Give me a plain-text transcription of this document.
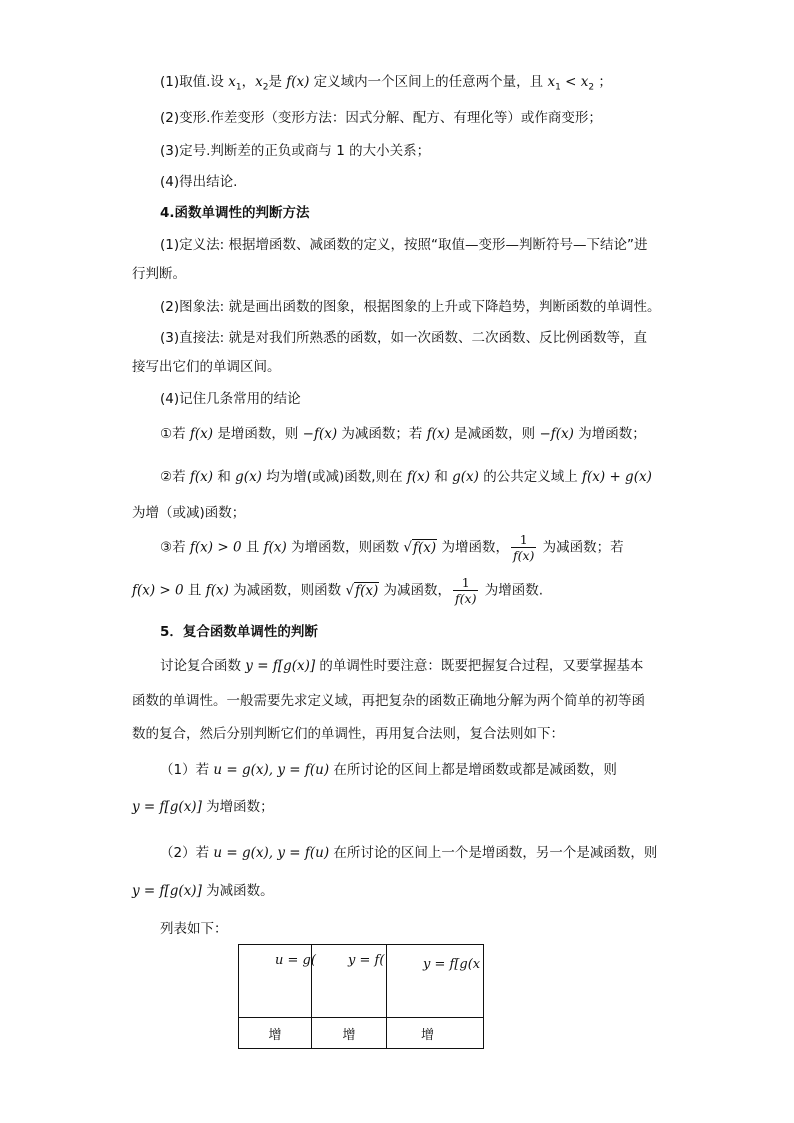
(1)取值.设 $x_1$，$x_2$是 f(x) 定义域内一个区间上的任意两个量，且 $x_1 < x_2$ ；
(2)变形.作差变形（变形方法：因式分解、配方、有理化等）或作商变形；
(3)定号.判断差的正负或商与 1 的大小关系；
(4)得出结论.
4.函数单调性的判断方法
(1)定义法: 根据增函数、减函数的定义，按照“取值—变形—判断符号—下结论”进
行判断。
(2)图象法: 就是画出函数的图象，根据图象的上升或下降趋势，判断函数的单调性。
(3)直接法: 就是对我们所熟悉的函数，如一次函数、二次函数、反比例函数等，直
接写出它们的单调区间。
(4)记住几条常用的结论
①若 f(x) 是增函数，则 −f(x) 为减函数；若 f(x) 是减函数，则 −f(x) 为增函数；
②若 f(x) 和 g(x) 均为增(或减)函数,则在 f(x) 和 g(x) 的公共定义域上 f(x) + g(x)
为增（或减)函数；
③若 f(x) > 0 且 f(x) 为增函数，则函数 √f(x) 为增函数， $\frac{1}{f(x)}$ 为减函数；若
f(x) > 0 且 f(x) 为减函数，则函数 √f(x) 为减函数， $\frac{1}{f(x)}$ 为增函数.
5．复合函数单调性的判断
讨论复合函数 y = f[g(x)] 的单调性时要注意：既要把握复合过程，又要掌握基本
函数的单调性。一般需要先求定义域，再把复杂的函数正确地分解为两个简单的初等函
数的复合，然后分别判断它们的单调性，再用复合法则，复合法则如下：
（1）若 u = g(x), y = f(u) 在所讨论的区间上都是增函数或都是减函数，则
y = f[g(x)] 为增函数；
（2）若 u = g(x), y = f(u) 在所讨论的区间上一个是增函数，另一个是减函数，则
y = f[g(x)] 为减函数。
列表如下：
u = g(	y = f(	y = f[g(x

增	增	增
